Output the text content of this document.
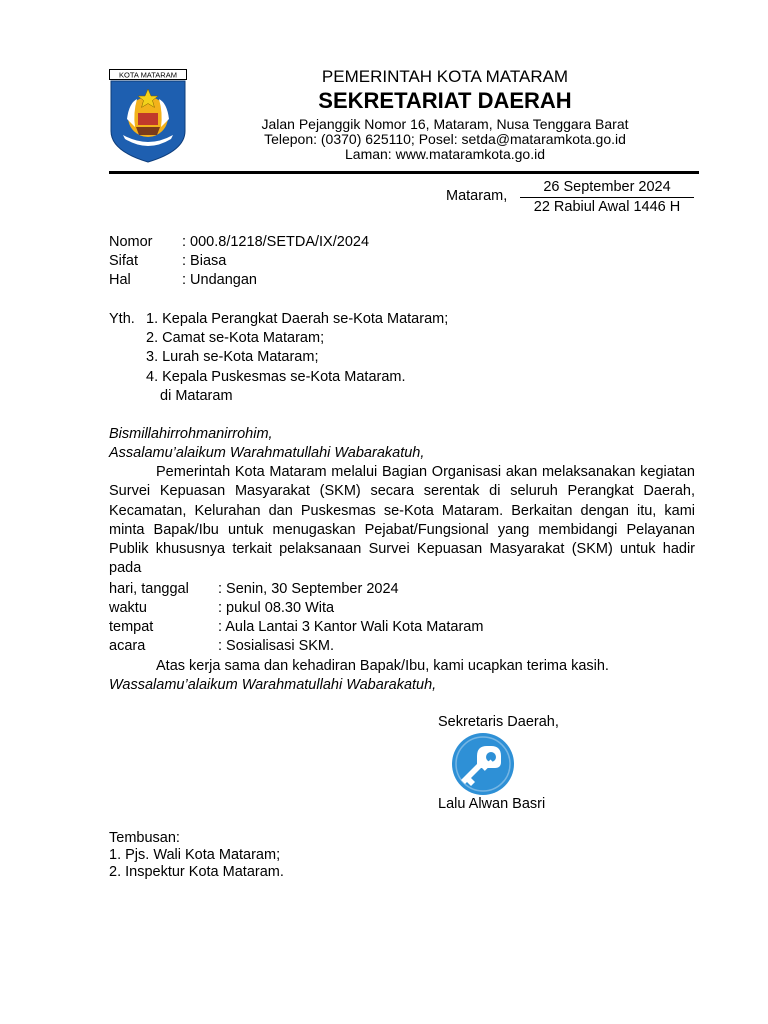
KOTA MATARAM	PEMERINTAH KOTA MATARAM
SEKRETARIAT DAERAH
Jalan Pejanggik Nomor 16, Mataram, Nusa Tenggara Barat
Telepon: (0370) 625110; Posel: setda@mataramkota.go.id
Laman: www.mataramkota.go.id
Mataram,
26 September 2024
22 Rabiul Awal 1446 H
Nomor : 000.8/1218/SETDA/IX/2024
Sifat	: Biasa
Hal	: Undangan
Yth. 1. Kepala Perangkat Daerah se-Kota Mataram;
2. Camat se-Kota Mataram;
3. Lurah se-Kota Mataram;
4. Kepala Puskesmas se-Kota Mataram.
di Mataram
Bismillahirrohmanirrohim,
Assalamu’alaikum Warahmatullahi Wabarakatuh,

Pemerintah Kota Mataram melalui Bagian Organisasi akan melaksanakan kegiatan Survei Kepuasan Masyarakat (SKM) secara serentak di seluruh Perangkat Daerah, Kecamatan, Kelurahan dan Puskesmas se-Kota Mataram. Berkaitan dengan itu, kami minta Bapak/Ibu untuk menugaskan Pejabat/Fungsional yang membidangi Pelayanan Publik khususnya terkait pelaksanaan Survei Kepuasan Masyarakat (SKM) untuk hadir pada

hari, tanggal : Senin, 30 September 2024
waktu	: pukul 08.30 Wita
tempat	: Aula Lantai 3 Kantor Wali Kota Mataram
acara	: Sosialisasi SKM.
Atas kerja sama dan kehadiran Bapak/Ibu, kami ucapkan terima kasih.
Wassalamu’alaikum Warahmatullahi Wabarakatuh,
Sekretaris Daerah,
Lalu Alwan Basri
Tembusan:
1. Pjs. Wali Kota Mataram;
2. Inspektur Kota Mataram.
